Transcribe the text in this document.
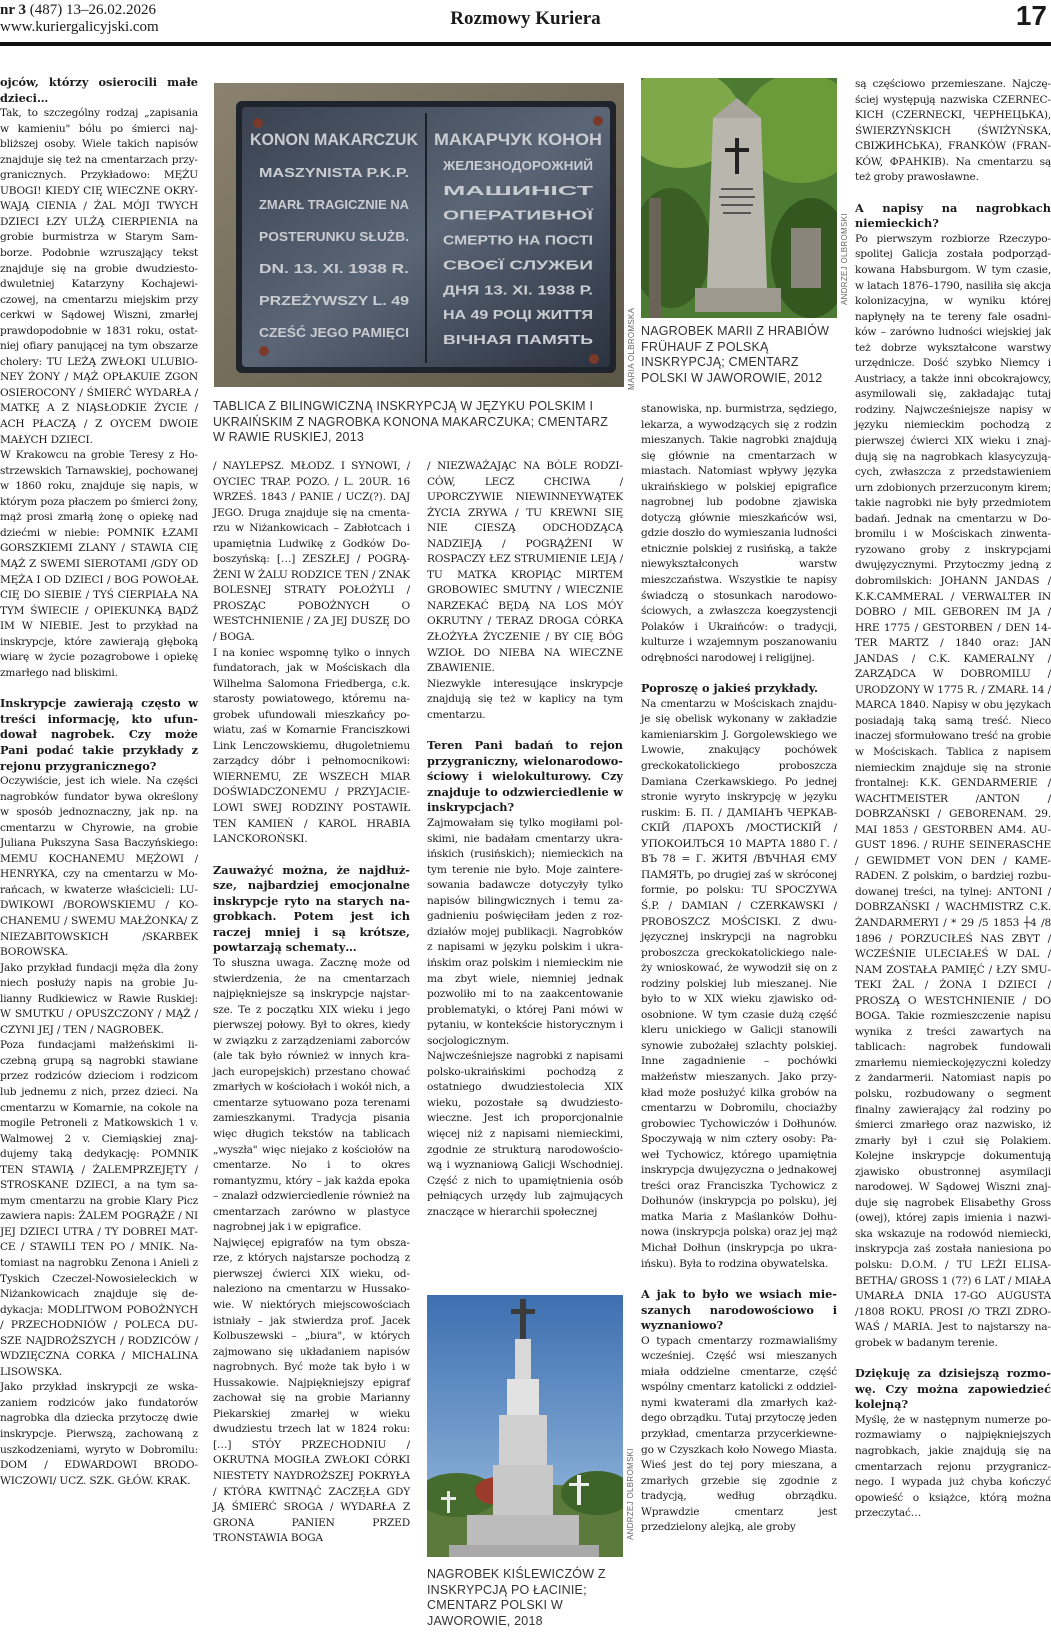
nr 3 (487) 13–26.02.2026
www.kuriergalicyjski.com	Rozmowy Kuriera	17
ojców, którzy osierocili małe dzieci…

Tak, to szczególny rodzaj „zapisania w kamieniu" bólu po śmierci najbliższej osoby. Wiele takich napisów znajduje się też na cmentarzach przygranicznych. Przykładowo: MĘŻU UBOGI! KIEDY CIĘ WIECZNE OKRYWAJĄ CIENIA / ŻAL MÓJI TWYCH DZIECI ŁZY ULŻĄ CIERPIENIA na grobie burmistrza w Starym Samborze. Podobnie wzruszający tekst znajduje się na grobie dwudziestodwuletniej Katarzyny Kochajewiczowej, na cmentarzu miejskim przy cerkwi w Sądowej Wiszni, zmarłej prawdopodobnie w 1831 roku, ostatniej ofiary panującej na tym obszarze cholery: TU LEŻĄ ZWŁOKI ULUBIONEY ŻONY / MĄŻ OPŁAKUIE ZGON OSIEROCONY / ŚMIERĆ WYDARŁA / MATKĘ A Z NIĄSŁODKIE ŻYCIE / ACH PŁACZĄ / Z OYCEM DWOIE MAŁYCH DZIECI.

W Krakowcu na grobie Teresy z Hostrzewskich Tarnawskiej, pochowanej w 1860 roku, znajduje się napis, w którym poza płaczem po śmierci żony, mąż prosi zmarłą żonę o opiekę nad dziećmi w niebie: POMNIK ŁZAMI GORSZKIEMI ZLANY / STAWIA CIĘ MĄŻ Z SWEMI SIEROTAMI /GDY OD MĘŻA I OD DZIECI / BOG POWOŁAŁ CIĘ DO SIEBIE / TYŚ CIERPIAŁA NA TYM ŚWIECIE / OPIEKUNKĄ BĄDŹ IM W NIEBIE. Jest to przykład na inskrypcje, które zawierają głęboką wiarę w życie pozagrobowe i opiekę zmarłego nad bliskimi.

Inskrypcje zawierają często w treści informację, kto ufundował nagrobek. Czy może Pani podać takie przykłady z rejonu przygranicznego?

Oczywiście, jest ich wiele. Na części nagrobków fundator bywa określony w sposób jednoznaczny, jak np. na cmentarzu w Chyrowie, na grobie Juliana Pukszyna Sasa Baczyńskiego: MEMU KOCHANEMU MĘŻOWI / HENRYKA, czy na cmentarzu w Morańcach, w kwaterze właścicieli: LUDWIKOWI /BOROWSKIEMU / KOCHANEMU / SWEMU MAŁŻONKA/ Z NIEZABITOWSKICH /SKARBEK BOROWSKA.

Jako przykład fundacji męża dla żony niech posłuży napis na grobie Julianny Rudkiewicz w Rawie Ruskiej: W SMUTKU / OPUSZCZONY / MĄŻ / CZYNI JEJ / TEN / NAGROBEK.

Poza fundacjami małżeńskimi liczebną grupą są nagrobki stawiane przez rodziców dzieciom i rodzicom lub jednemu z nich, przez dzieci. Na cmentarzu w Komarnie, na cokole na mogile Petroneli z Matkowskich 1 v. Walmowej 2 v. Ciemiąskiej znajdujemy taką dedykację: POMNIK TEN STAWIĄ / ŻALEMPRZEJĘTY / STROSKANE DZIECI, a na tym samym cmentarzu na grobie Klary Picz zawiera napis: ŻALEM POGRĄŻE / NI JEJ DZIECI UTRA / TY DOBREI MATCE / STAWILI TEN PO / MNIK. Natomiast na nagrobku Zenona i Anieli z Tyskich Czeczel-Nowosieleckich w Niżankowicach znajduje się dedykacja: MODLITWOM POBOŻNYCH / PRZECHODNIÓW / POLECA DUSZE NAJDROŻSZYCH / RODZICÓW / WDZIĘCZNA CORKA / MICHALINA LISOWSKA.

Jako przykład inskrypcji ze wskazaniem rodziców jako fundatorów nagrobka dla dziecka przytoczę dwie inskrypcje. Pierwszą, zachowaną z uszkodzeniami, wyryto w Dobromilu: DOM / EDWARDOWI BRODOWICZOWI/ UCZ. SZK. GŁÓW. KRAK.

KONON MAKARCZUK
MASZYNISTA P.K.P.
ZMARŁ TRAGICZNIE NA
POSTERUNKU SŁUŻB.
DN. 13. XI. 1938 R.
PRZEŻYWSZY L. 49
CZEŚĆ JEGO PAMIĘCI
МАКАРЧУК КОНОН
ЖЕЛЕЗНОДОРОЖНИЙ
МАШИНІСТ
ОПЕРАТИВНОЇ
СМЕРТЮ НА ПОСТІ
СВОЄЇ СЛУЖБИ
ДНЯ 13. ХІ. 1938 Р.
НА 49 РОЦІ ЖИТТЯ
ВІЧНАЯ ПАМЯТЬ
TABLICA Z BILINGWICZNĄ INSKRYPCJĄ W JĘZYKU POLSKIM I UKRAIŃSKIM Z NAGROBKA KONONA MAKARCZUKA; CMENTARZ W RAWIE RUSKIEJ, 2013

/ NAYLEPSZ. MŁODZ. I SYNOWI, / OYCIEC TRAP. POZO. / L. 20UR. 16 WRZEŚ. 1843 / PANIE / UCZ(?). DAJ JEGO. Druga znajduje się na cmentarzu w Niżankowicach – Zabłotcach i upamiętnia Ludwikę z Godków Doboszyńską: […] ZESZŁEJ / POGRĄŻENI W ŻALU RODZICE TEN / ZNAK BOLESNEJ STRATY POŁOŻYLI / PROSZĄC POBOŻNYCH O WESTCHNIENIE / ZA JEJ DUSZĘ DO / BOGA.

I na koniec wspomnę tylko o innych fundatorach, jak w Mościskach dla Wilhelma Salomona Friedberga, c.k. starosty powiatowego, któremu nagrobek ufundowali mieszkańcy powiatu, zaś w Komarnie Franciszkowi Link Lenczowskiemu, długoletniemu zarządcy dóbr i pełnomocnikowi: WIERNEMU, ZE WSZECH MIAR DOŚWIADCZONEMU / PRZYJACIELOWI SWEJ RODZINY POSTAWIŁ TEN KAMIEŃ / KAROL HRABIA LANCKOROŃSKI.

Zauważyć można, że najdłuższe, najbardziej emocjonalne inskrypcje ryto na starych nagrobkach. Potem jest ich raczej mniej i są krótsze, powtarzają schematy…

To słuszna uwaga. Zacznę może od stwierdzenia, że na cmentarzach najpiękniejsze są inskrypcje najstarsze. Te z początku XIX wieku i jego pierwszej połowy. Był to okres, kiedy w związku z zarządzeniami zaborców (ale tak było również w innych krajach europejskich) przestano chować zmarłych w kościołach i wokół nich, a cmentarze sytuowano poza terenami zamieszkanymi. Tradycja pisania więc długich tekstów na tablicach „wyszła" więc niejako z kościołów na cmentarze. No i to okres romantyzmu, który – jak każda epoka – znalazł odzwierciedlenie również na cmentarzach zarówno w plastyce nagrobnej jak i w epigrafice.

Najwięcej epigrafów na tym obszarze, z których najstarsze pochodzą z pierwszej ćwierci XIX wieku, odnaleziono na cmentarzu w Hussakowie. W niektórych miejscowościach istniały – jak stwierdza prof. Jacek Kolbuszewski – „biura", w których zajmowano się układaniem napisów nagrobnych. Być może tak było i w Hussakowie. Najpiękniejszy epigraf zachował się na grobie Marianny Piekarskiej zmarłej w wieku dwudziestu trzech lat w 1824 roku: […] STÓY PRZECHODNIU / OKRUTNA MOGIŁA ZWŁOKI CÓRKI NIESTETY NAYDROŻSZEJ POKRYŁA / KTÓRA KWITNĄĆ ZACZĘŁA GDY JĄ ŚMIERĆ SROGA / WYDARŁA Z GRONA PANIEN PRZED TRONSTAWIA BOGA

/ NIEZWAŻAJĄC NA BÓLE RODZICÓW, LECZ CHCIWA / UPORCZYWIE NIEWINNEYWĄTEK ŻYCIA ZRYWA / TU KREWNI SIĘ NIE CIESZĄ ODCHODZĄCĄ NADZIEJĄ / POGRĄŻENI W ROSPACZY ŁEZ STRUMIENIE LEJĄ / TU MATKA KROPIĄC MIRTEM GROBOWIEC SMUTNY / WIECZNIE NARZEKAĆ BĘDĄ NA LOS MÓY OKRUTNY / TERAZ DROGA CÓRKA ZŁOŻYŁA ŻYCZENIE / BY CIĘ BÓG WZIOŁ DO NIEBA NA WIECZNE ZBAWIENIE.

Niezwykle interesujące inskrypcje znajdują się też w kaplicy na tym cmentarzu.

Teren Pani badań to rejon przygraniczny, wielonarodowościowy i wielokulturowy. Czy znajduje to odzwierciedlenie w inskrypcjach?

Zajmowałam się tylko mogiłami polskimi, nie badałam cmentarzy ukraińskich (rusińskich); niemieckich na tym terenie nie było. Moje zainteresowania badawcze dotyczyły tylko napisów bilingwicznych i temu zagadnieniu poświęciłam jeden z rozdziałów mojej publikacji. Nagrobków z napisami w języku polskim i ukraińskim oraz polskim i niemieckim nie ma zbyt wiele, niemniej jednak pozwoliło mi to na zaakcentowanie problematyki, o której Pani mówi w pytaniu, w kontekście historycznym i socjologicznym.

Najwcześniejsze nagrobki z napisami polsko-ukraińskimi pochodzą z ostatniego dwudziestolecia XIX wieku, pozostałe są dwudziestowieczne. Jest ich proporcjonalnie więcej niż z napisami niemieckimi, zgodnie ze strukturą narodowościową i wyznaniową Galicji Wschodniej. Część z nich to upamiętnienia osób pełniących urzędy lub zajmujących znaczące w hierarchii społecznej

ANDRZEJ OLBROMSKI
NAGROBEK KIŚLEWICZÓW Z INSKRYPCJĄ PO ŁACINIE; CMENTARZ POLSKI W JAWOROWIE, 2018
MARIA OLBROMSKA
ANDRZEJ OLBROMSKI
NAGROBEK MARII Z HRABIÓW FRÜHAUF Z POLSKĄ INSKRYPCJĄ; CMENTARZ POLSKI W JAWOROWIE, 2012

stanowiska, np. burmistrza, sędziego, lekarza, a wywodzących się z rodzin mieszanych. Takie nagrobki znajdują się głównie na cmentarzach w miastach. Natomiast wpływy języka ukraińskiego w polskiej epigrafice nagrobnej lub podobne zjawiska dotyczą głównie mieszkańców wsi, gdzie doszło do wymieszania ludności etnicznie polskiej z rusińską, a także niewykształconych warstw mieszczaństwa. Wszystkie te napisy świadczą o stosunkach narodowościowych, a zwłaszcza koegzystencji Polaków i Ukraińców: o tradycji, kulturze i wzajemnym poszanowaniu odrębności narodowej i religijnej.

Poproszę o jakieś przykłady.

Na cmentarzu w Mościskach znajduje się obelisk wykonany w zakładzie kamieniarskim J. Gorgolewskiego we Lwowie, znakujący pochówek greckokatolickiego proboszcza Damiana Czerkawskiego. Po jednej stronie wyryto inskrypcję w języku ruskim: Б. П. / ДАМІАНЪ ЧЕРКАВСКІЙ /ПАРОХЪ /МОСТИСКІЙ / УПОКОИЛЪСЯ 10 МАРТА 1880 Г. / ВЪ 78 = Г. ЖИТЯ /ВѢЧНАЯ ЄМУ ПАМЯТЬ, po drugiej zaś w skróconej formie, po polsku: TU SPOCZYWA Ś.P. / DAMIAN / CZERKAWSKI / PROBOSZCZ MOŚCISKI. Z dwujęzycznej inskrypcji na nagrobku proboszcza greckokatolickiego należy wnioskować, że wywodził się on z rodziny polskiej lub mieszanej. Nie było to w XIX wieku zjawisko odosobnione. W tym czasie dużą część kleru unickiego w Galicji stanowili synowie zubożałej szlachty polskiej. Inne zagadnienie – pochówki małżeństw mieszanych. Jako przykład może posłużyć kilka grobów na cmentarzu w Dobromilu, chociażby grobowiec Tychowiczów i Dołhunów. Spoczywają w nim cztery osoby: Paweł Tychowicz, którego upamiętnia inskrypcja dwujęzyczna o jednakowej treści oraz Franciszka Tychowicz z Dołhunów (inskrypcja po polsku), jej matka Maria z Maślanków Dołhunowa (inskrypcja polska) oraz jej mąż Michał Dołhun (inskrypcja po ukraińsku). Była to rodzina obywatelska.

A jak to było we wsiach mieszanych narodowościowo i wyznaniowo?

O typach cmentarzy rozmawialiśmy wcześniej. Część wsi mieszanych miała oddzielne cmentarze, część wspólny cmentarz katolicki z oddzielnymi kwaterami dla zmarłych każdego obrządku. Tutaj przytoczę jeden przykład, cmentarza przycerkiewnego w Czyszkach koło Nowego Miasta. Wieś jest do tej pory mieszana, a zmarłych grzebie się zgodnie z tradycją, według obrządku. Wprawdzie cmentarz jest przedzielony alejką, ale groby

są częściowo przemieszane. Najczęściej występują nazwiska CZERNECKICH (CZERNECKI, ЧЕРНЕЦЬКА), ŚWIERZYŃSKICH (ŚWIŻYŃSKA, СВІЖИНСЬКА), FRANKÓW (FRANKÓW, ФРАНКІВ). Na cmentarzu są też groby prawosławne.

A napisy na nagrobkach niemieckich?

Po pierwszym rozbiorze Rzeczypospolitej Galicja została podporządkowana Habsburgom. W tym czasie, w latach 1876–1790, nasiliła się akcja kolonizacyjna, w wyniku której napłynęły na te tereny fale osadników – zarówno ludności wiejskiej jak też dobrze wykształcone warstwy urzędnicze. Dość szybko Niemcy i Austriacy, a także inni obcokrajowcy, asymilowali się, zakładając tutaj rodziny. Najwcześniejsze napisy w języku niemieckim pochodzą z pierwszej ćwierci XIX wieku i znajdują się na nagrobkach klasycyzujących, zwłaszcza z przedstawieniem urn zdobionych przerzuconym kirem; takie nagrobki nie były przedmiotem badań. Jednak na cmentarzu w Dobromilu i w Mościskach zinwentaryzowano groby z inskrypcjami dwujęzycznymi. Przytoczmy jedną z dobromilskich: JOHANN JANDAS / K.K.CAMMERAL / VERWALTER IN DOBRO / MIL GEBOREN IM JA / HRE 1775 / GESTORBEN / DEN 14-TER MARTZ / 1840 oraz: JAN JANDAS / C.K. KAMERALNY / ZARZĄDCA W DOBROMILU / URODZONY W 1775 R. / ZMARŁ 14 / MARCA 1840. Napisy w obu językach posiadają taką samą treść. Nieco inaczej sformułowano treść na grobie w Mościskach. Tablica z napisem niemieckim znajduje się na stronie frontalnej: K.K. GENDARMERIE / WACHTMEISTER /ANTON / DOBRZAŃSKI / GEBORENAM. 29. MAI 1853 / GESTORBEN AM4. AUGUST 1896. / RUHE SEINERASCHE / GEWIDMET VON DEN / KAMERADEN. Z polskim, o bardziej rozbudowanej treści, na tylnej: ANTONI / DOBRZAŃSKI / WACHMISTRZ C.K. ŻANDARMERYI / * 29 /5 1853 ┼4 /8 1896 / PORZUCIŁEŚ NAS ZBYT / WCZEŚNIE ULECIAŁEŚ W DAL / NAM ZOSTAŁA PAMIĘĆ / ŁZY SMUTEKI ŻAL / ŻONA I DZIECI / PROSZĄ O WESTCHNIENIE / DO BOGA. Takie rozmieszczenie napisu wynika z treści zawartych na tablicach: nagrobek fundowali zmarłemu niemieckojęzyczni koledzy z żandarmerii. Natomiast napis po polsku, rozbudowany o segment finalny zawierający żal rodziny po śmierci zmarłego oraz nazwisko, iż zmarły był i czuł się Polakiem. Kolejne inskrypcje dokumentują zjawisko obustronnej asymilacji narodowej. W Sądowej Wiszni znajduje się nagrobek Elisabethy Gross (owej), której zapis imienia i nazwiska wskazuje na rodowód niemiecki, inskrypcja zaś została naniesiona po polsku: D.O.M. / TU LEŻI ELISABETHA/ GROSS 1 (7?) 6 LAT / MIAŁA UMARŁA DNIA 17-GO AUGUSTA /1808 ROKU. PROSI /O TRZI ZDROWAŚ / MARIA. Jest to najstarszy nagrobek w badanym terenie.

Dziękuję za dzisiejszą rozmowę. Czy można zapowiedzieć kolejną?

Myślę, że w następnym numerze porozmawiamy o najpiękniejszych nagrobkach, jakie znajdują się na cmentarzach rejonu przygranicznego. I wypada już chyba kończyć opowieść o książce, którą można przeczytać…
